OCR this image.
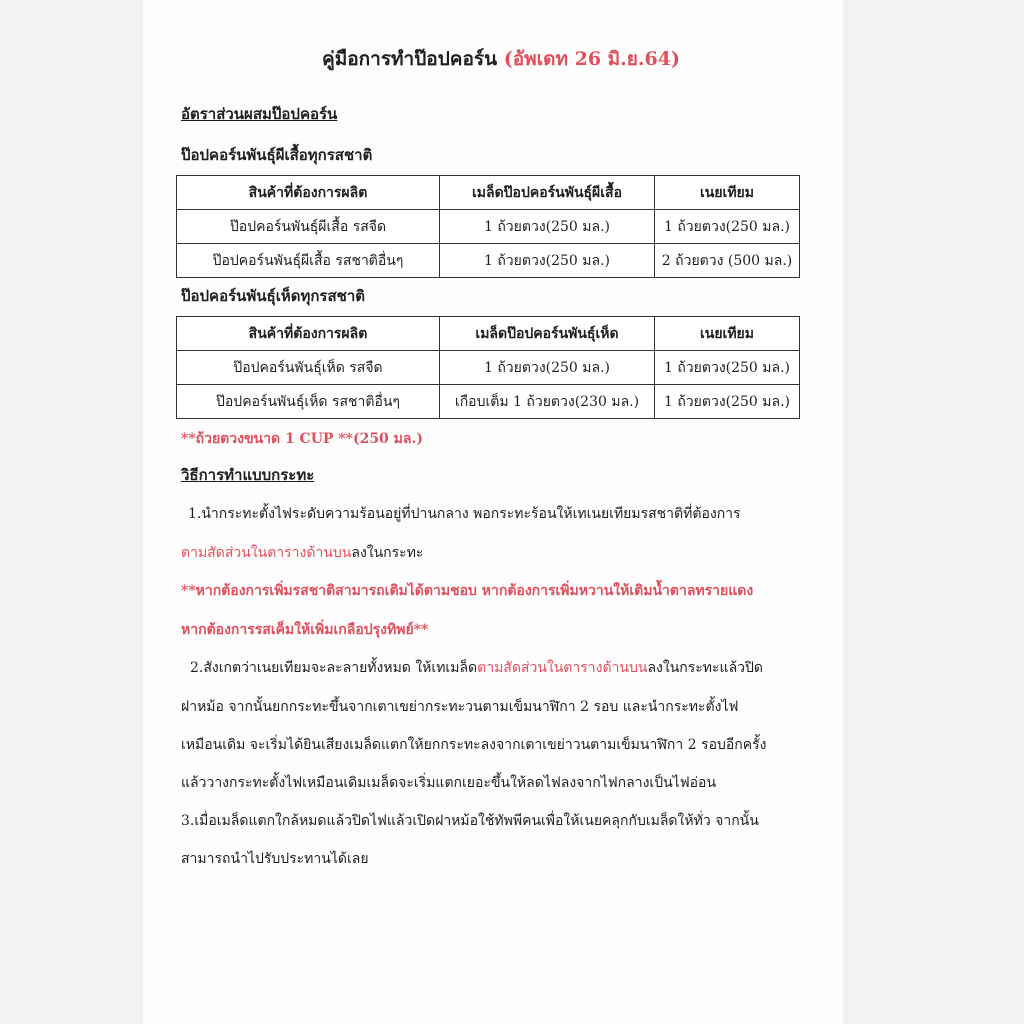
คู่มือการทำป๊อปคอร์น (อัพเดท 26 มิ.ย.64)
อัตราส่วนผสมป๊อปคอร์น
ป๊อปคอร์นพันธุ์ผีเสื้อทุกรสชาติ
สินค้าที่ต้องการผลิต	เมล็ดป๊อปคอร์นพันธุ์ผีเสื้อ	เนยเทียม
ป๊อปคอร์นพันธุ์ผีเสื้อ รสจืด	1 ถ้วยตวง(250 มล.)	1 ถ้วยตวง(250 มล.)
ป๊อปคอร์นพันธุ์ผีเสื้อ รสชาติอื่นๆ	1 ถ้วยตวง(250 มล.)	2 ถ้วยตวง (500 มล.)
ป๊อปคอร์นพันธุ์เห็ดทุกรสชาติ
สินค้าที่ต้องการผลิต	เมล็ดป๊อปคอร์นพันธุ์เห็ด	เนยเทียม
ป๊อปคอร์นพันธุ์เห็ด รสจืด	1 ถ้วยตวง(250 มล.)	1 ถ้วยตวง(250 มล.)
ป๊อปคอร์นพันธุ์เห็ด รสชาติอื่นๆ	เกือบเต็ม 1 ถ้วยตวง(230 มล.)	1 ถ้วยตวง(250 มล.)
**ถ้วยตวงขนาด 1 CUP **(250 มล.)
วิธีการทำแบบกระทะ
1.นำกระทะตั้งไฟระดับความร้อนอยู่ที่ปานกลาง พอกระทะร้อนให้เทเนยเทียมรสชาติที่ต้องการ
ตามสัดส่วนในตารางด้านบนลงในกระทะ
**หากต้องการเพิ่มรสชาติสามารถเติมได้ตามชอบ หากต้องการเพิ่มหวานให้เติมน้ำตาลทรายแดง
หากต้องการรสเค็มให้เพิ่มเกลือปรุงทิพย์**
2.สังเกตว่าเนยเทียมจะละลายทั้งหมด ให้เทเมล็ดตามสัดส่วนในตารางด้านบนลงในกระทะแล้วปิด
ฝาหม้อ จากนั้นยกกระทะขึ้นจากเตาเขย่ากระทะวนตามเข็มนาฬิกา 2 รอบ และนำกระทะตั้งไฟ
เหมือนเดิม จะเริ่มได้ยินเสียงเมล็ดแตกให้ยกกระทะลงจากเตาเขย่าวนตามเข็มนาฬิกา 2 รอบอีกครั้ง
แล้ววางกระทะตั้งไฟเหมือนเดิมเมล็ดจะเริ่มแตกเยอะขึ้นให้ลดไฟลงจากไฟกลางเป็นไฟอ่อน
3.เมื่อเมล็ดแตกใกล้หมดแล้วปิดไฟแล้วเปิดฝาหม้อใช้ทัพพีคนเพื่อให้เนยคลุกกับเมล็ดให้ทั่ว จากนั้น
สามารถนำไปรับประทานได้เลย
